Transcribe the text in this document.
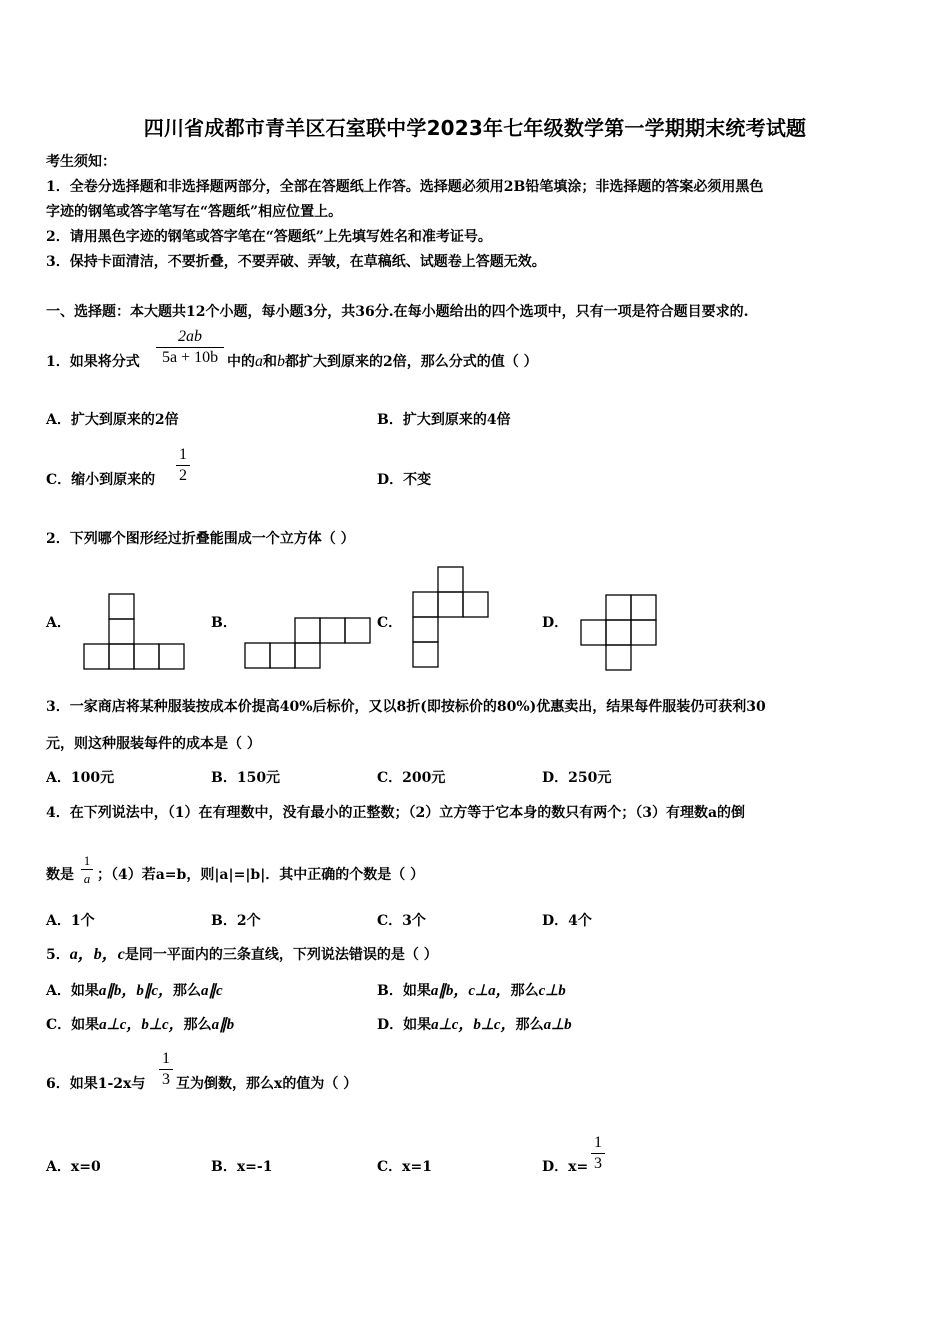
四川省成都市青羊区石室联中学2023年七年级数学第一学期期末统考试题
考生须知：
1．全卷分选择题和非选择题两部分，全部在答题纸上作答。选择题必须用2B铅笔填涂；非选择题的答案必须用黑色
字迹的钢笔或答字笔写在“答题纸”相应位置上。
2．请用黑色字迹的钢笔或答字笔在“答题纸”上先填写姓名和准考证号。
3．保持卡面清洁，不要折叠，不要弄破、弄皱，在草稿纸、试题卷上答题无效。
一、选择题：本大题共12个小题，每小题3分，共36分.在每小题给出的四个选项中，只有一项是符合题目要求的.
1．如果将分式
2ab
5a + 10b 中的a和b都扩大到原来的2倍，那么分式的值（ ）
A．扩大到原来的2倍	B．扩大到原来的4倍
C．缩小到原来的
1
2	D．不变
2．下列哪个图形经过折叠能围成一个立方体（ ）
A．	B．	C．	D．
3．一家商店将某种服装按成本价提高40%后标价，又以8折(即按标价的80%)优惠卖出，结果每件服装仍可获利30
元，则这种服装每件的成本是（ ）
A．100元	B．150元	C．200元	D．250元
4．在下列说法中，（1）在有理数中，没有最小的正整数；（2）立方等于它本身的数只有两个；（3）有理数a的倒
数是
1
a ；（4）若a=b，则|a|=|b|．其中正确的个数是（ ）
A．1个	B．2个	C．3个	D．4个
5．a，b，c是同一平面内的三条直线，下列说法错误的是（ ）
A．如果a∥b，b∥c，那么a∥c	B．如果a∥b，c⊥a，那么c⊥b
C．如果a⊥c，b⊥c，那么a∥b	D．如果a⊥c，b⊥c，那么a⊥b
6．如果1-2x与
1
3 互为倒数，那么x的值为（ ）
A．x=0	B．x=-1	C．x=1	D．x=
1
3
